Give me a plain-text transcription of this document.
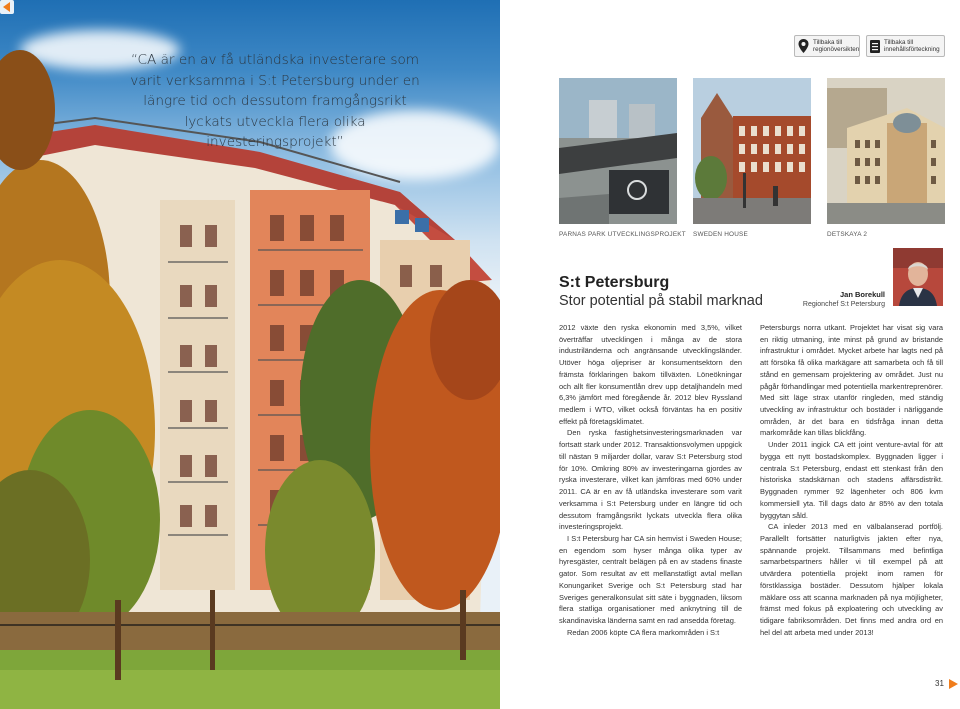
“CA är en av få utländska investerare som varit verksamma i S:t Petersburg under en längre tid och dessutom framgångsrikt lyckats utveckla flera olika investeringsprojekt”
Tillbaka till regionöversikten
Tillbaka till innehållsförteckning
PARNAS PARK UTVECKLINGSPROJEKT SWEDEN HOUSE	DETSKAYA 2
S:t Petersburg
Stor potential på stabil marknad	Jan Borekull
Regionchef S:t Petersburg

2012 växte den ryska ekonomin med 3,5%, vilket överträffar utvecklingen i många av de stora industriländerna och angränsande utvecklingsländer. Utöver höga oljepriser är konsumentsektorn den främsta förklaringen bakom tillväxten. Löneökningar och allt fler konsumentlån drev upp detaljhandeln med 6,3% jämfört med föregående år. 2012 blev Ryssland medlem i WTO, vilket också förväntas ha en positiv effekt på företagsklimatet.

Den ryska fastighetsinvesteringsmarknaden var fortsatt stark under 2012. Transaktionsvolymen uppgick till nästan 9 miljarder dollar, varav S:t Petersburg stod för 10%. Omkring 80% av investeringarna gjordes av ryska investerare, vilket kan jämföras med 60% under 2011. CA är en av få utländska investerare som varit verksamma i S:t Petersburg under en längre tid och dessutom framgångsrikt lyckats utveckla flera olika investeringsprojekt.

I S:t Petersburg har CA sin hemvist i Sweden House; en egendom som hyser många olika typer av hyresgäster, centralt belägen på en av stadens finaste gator. Som resultat av ett mellanstatligt avtal mellan Konungariket Sverige och S:t Petersburg stad har Sveriges generalkonsulat sitt säte i byggnaden, liksom flera statliga organisationer med anknytning till de skandinaviska länderna samt en rad ansedda företag.

Redan 2006 köpte CA flera markområden i S:t

Petersburgs norra utkant. Projektet har visat sig vara en riktig utmaning, inte minst på grund av bristande infrastruktur i området. Mycket arbete har lagts ned på att försöka få olika markägare att samarbeta och få till stånd en gemensam projektering av området. Just nu pågår förhandlingar med potentiella markentreprenörer. Med sitt läge strax utanför ringleden, med ständig utveckling av infrastruktur och bostäder i närliggande områden, är det bara en tidsfråga innan detta markområde kan tillas blickfång.

Under 2011 ingick CA ett joint venture-avtal för att bygga ett nytt bostadskomplex. Byggnaden ligger i centrala S:t Petersburg, endast ett stenkast från den historiska stadskärnan och stadens affärsdistrikt. Byggnaden rymmer 92 lägenheter och 806 kvm kommersiell yta. Till dags dato är 85% av den totala byggytan såld.

CA inleder 2013 med en välbalanserad portfölj. Parallellt fortsätter naturligtvis jakten efter nya, spännande projekt. Tillsammans med befintliga samarbetspartners håller vi till exempel på att utvärdera potentiella projekt inom ramen för förstklassiga bostäder. Dessutom hjälper lokala mäklare oss att scanna marknaden på nya möjligheter, främst med fokus på exploatering och utveckling av tidigare fabriksområden. Det finns med andra ord en hel del att arbeta med under 2013!

31
